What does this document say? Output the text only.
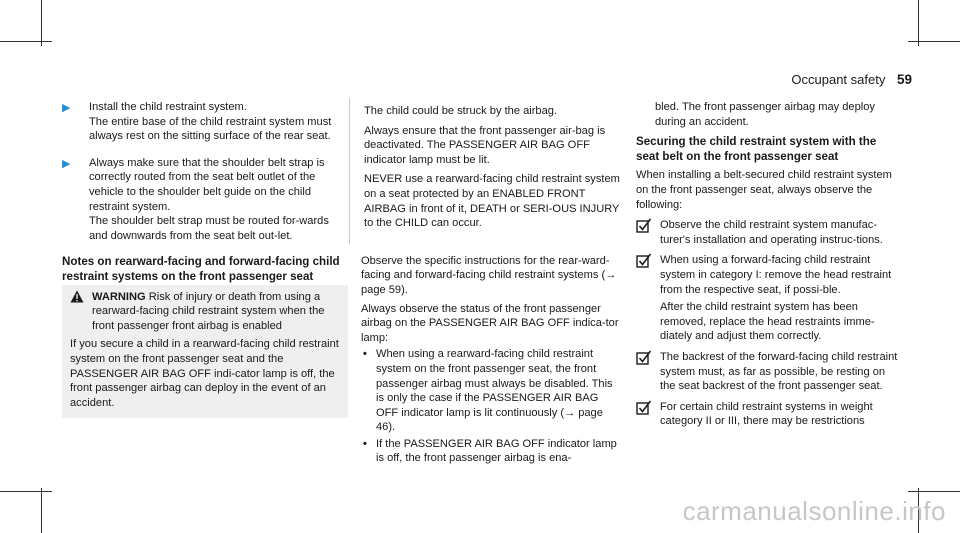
Occupant safety 59
▶ Install the child restraint system.

The entire base of the child restraint system must always rest on the sitting surface of the rear seat.

▶ Always make sure that the shoulder belt strap is correctly routed from the seat belt outlet of the vehicle to the shoulder belt guide on the child restraint system.

The shoulder belt strap must be routed for-wards and downwards from the seat belt out-let.

Notes on rearward-facing and forward-facing child restraint systems on the front passenger seat

WARNING Risk of injury or death from using a rearward-facing child restraint system when the front passenger front airbag is enabled

If you secure a child in a rearward-facing child restraint system on the front passenger seat and the PASSENGER AIR BAG OFF indi-cator lamp is off, the front passenger airbag can deploy in the event of an accident.

The child could be struck by the airbag.

Always ensure that the front passenger air-bag is deactivated. The PASSENGER AIR BAG OFF indicator lamp must be lit.

NEVER use a rearward-facing child restraint system on a seat protected by an ENABLED FRONT AIRBAG in front of it, DEATH or SERI-OUS INJURY to the CHILD can occur.

Observe the specific instructions for the rear-ward-facing and forward-facing child restraint systems (→ page 59).

Always observe the status of the front passenger airbag on the PASSENGER AIR BAG OFF indica-tor lamp:

• When using a rearward-facing child restraint system on the front passenger seat, the front passenger airbag must always be disabled. This is only the case if the PASSENGER AIR BAG OFF indicator lamp is lit continuously (→ page 46).

• If the PASSENGER AIR BAG OFF indicator lamp is off, the front passenger airbag is ena-

bled. The front passenger airbag may deploy during an accident.

Securing the child restraint system with the seat belt on the front passenger seat

When installing a belt-secured child restraint system on the front passenger seat, always observe the following:

Observe the child restraint system manufac-turer's installation and operating instruc-tions.

When using a forward-facing child restraint system in category I: remove the head restraint from the respective seat, if possi-ble.

After the child restraint system has been removed, replace the head restraints imme-diately and adjust them correctly.

The backrest of the forward-facing child restraint system must, as far as possible, be resting on the seat backrest of the front passenger seat.

For certain child restraint systems in weight category II or III, there may be restrictions

carmanualsonline.info
